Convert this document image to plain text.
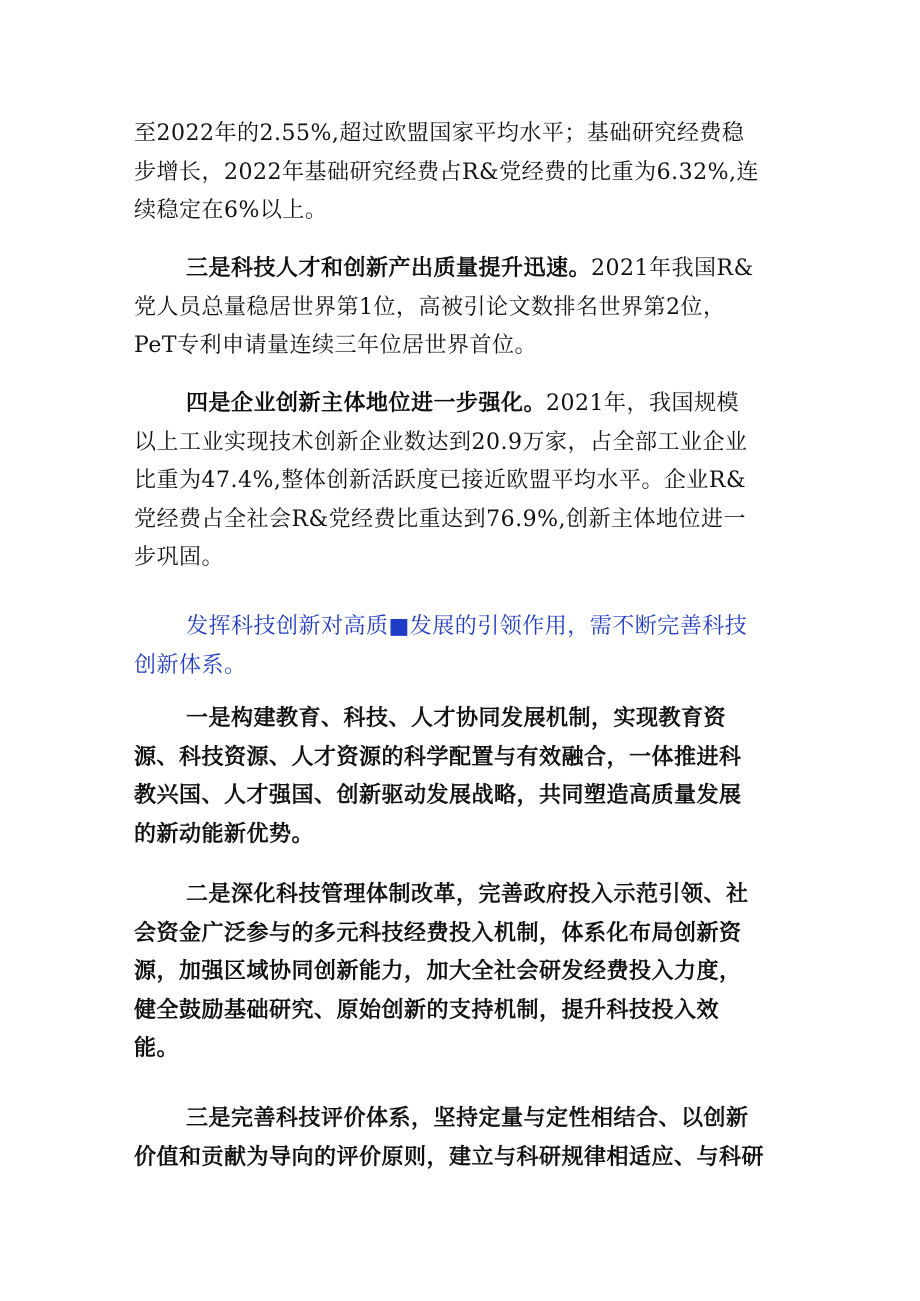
至2022年的2.55%,超过欧盟国家平均水平；基础研究经费稳
步增长，2022年基础研究经费占R&党经费的比重为6.32%,连
续稳定在6%以上。
三是科技人才和创新产出质量提升迅速。2021年我国R&
党人员总量稳居世界第1位，高被引论文数排名世界第2位，
PeT专利申请量连续三年位居世界首位。
四是企业创新主体地位进一步强化。2021年，我国规模
以上工业实现技术创新企业数达到20.9万家，占全部工业企业
比重为47.4%,整体创新活跃度已接近欧盟平均水平。企业R&
党经费占全社会R&党经费比重达到76.9%,创新主体地位进一
步巩固。
发挥科技创新对高质■发展的引领作用，需不断完善科技
创新体系。
一是构建教育、科技、人才协同发展机制，实现教育资
源、科技资源、人才资源的科学配置与有效融合，一体推进科
教兴国、人才强国、创新驱动发展战略，共同塑造高质量发展
的新动能新优势。
二是深化科技管理体制改革，完善政府投入示范引领、社
会资金广泛参与的多元科技经费投入机制，体系化布局创新资
源，加强区域协同创新能力，加大全社会研发经费投入力度，
健全鼓励基础研究、原始创新的支持机制，提升科技投入效
能。
三是完善科技评价体系，坚持定量与定性相结合、以创新
价值和贡献为导向的评价原则，建立与科研规律相适应、与科研
